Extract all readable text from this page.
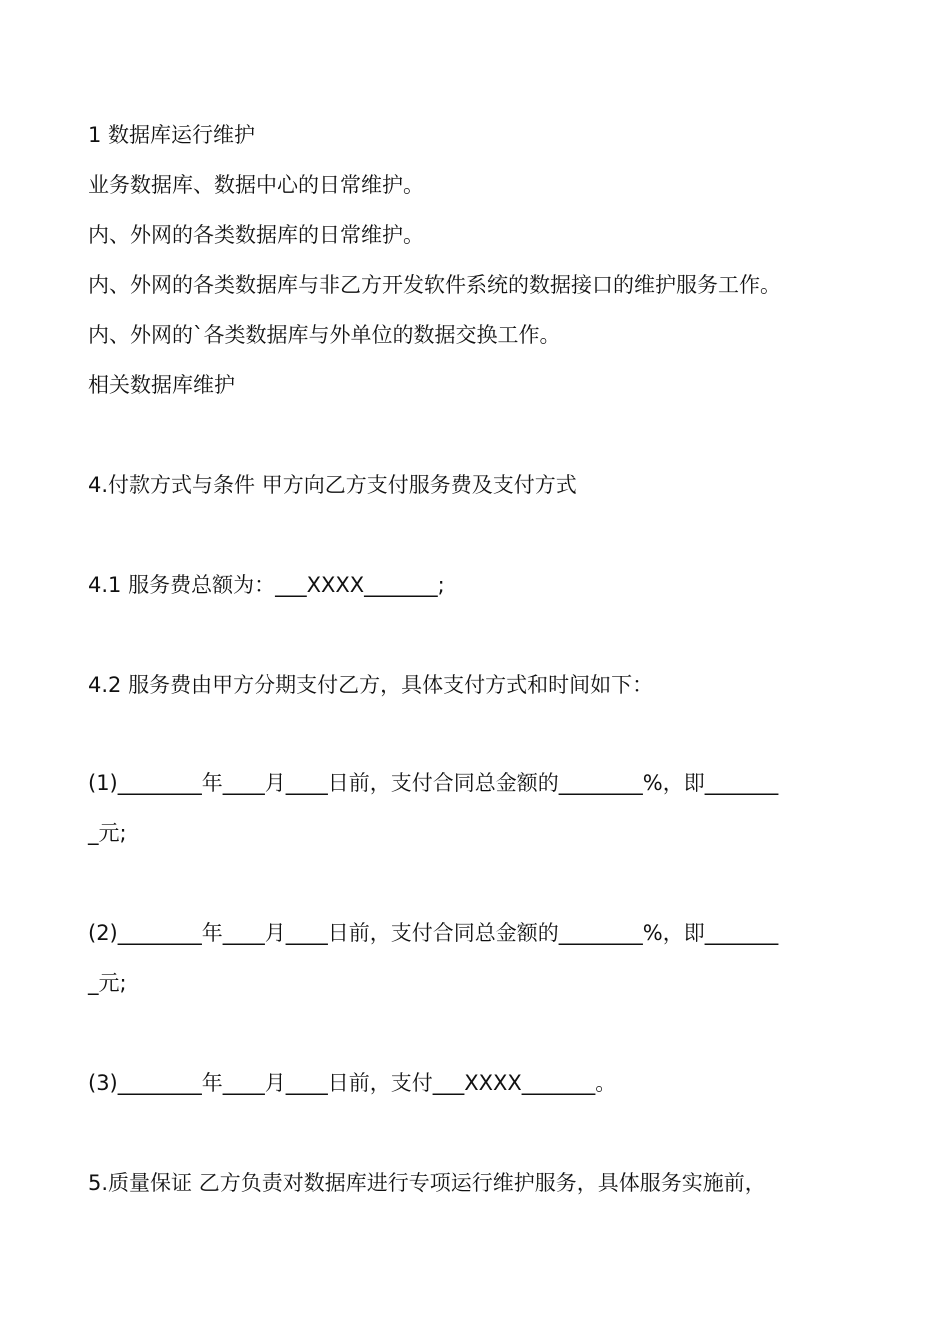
1 数据库运行维护
业务数据库、数据中心的日常维护。
内、外网的各类数据库的日常维护。
内、外网的各类数据库与非乙方开发软件系统的数据接口的维护服务工作。
内、外网的`各类数据库与外单位的数据交换工作。
相关数据库维护
4.付款方式与条件 甲方向乙方支付服务费及支付方式
4.1 服务费总额为：___XXXX_______;
4.2 服务费由甲方分期支付乙方，具体支付方式和时间如下：
(1)________年____月____日前，支付合同总金额的________%，即_______
_元;
(2)________年____月____日前，支付合同总金额的________%，即_______
_元;
(3)________年____月____日前，支付___XXXX_______。
5.质量保证 乙方负责对数据库进行专项运行维护服务，具体服务实施前，
